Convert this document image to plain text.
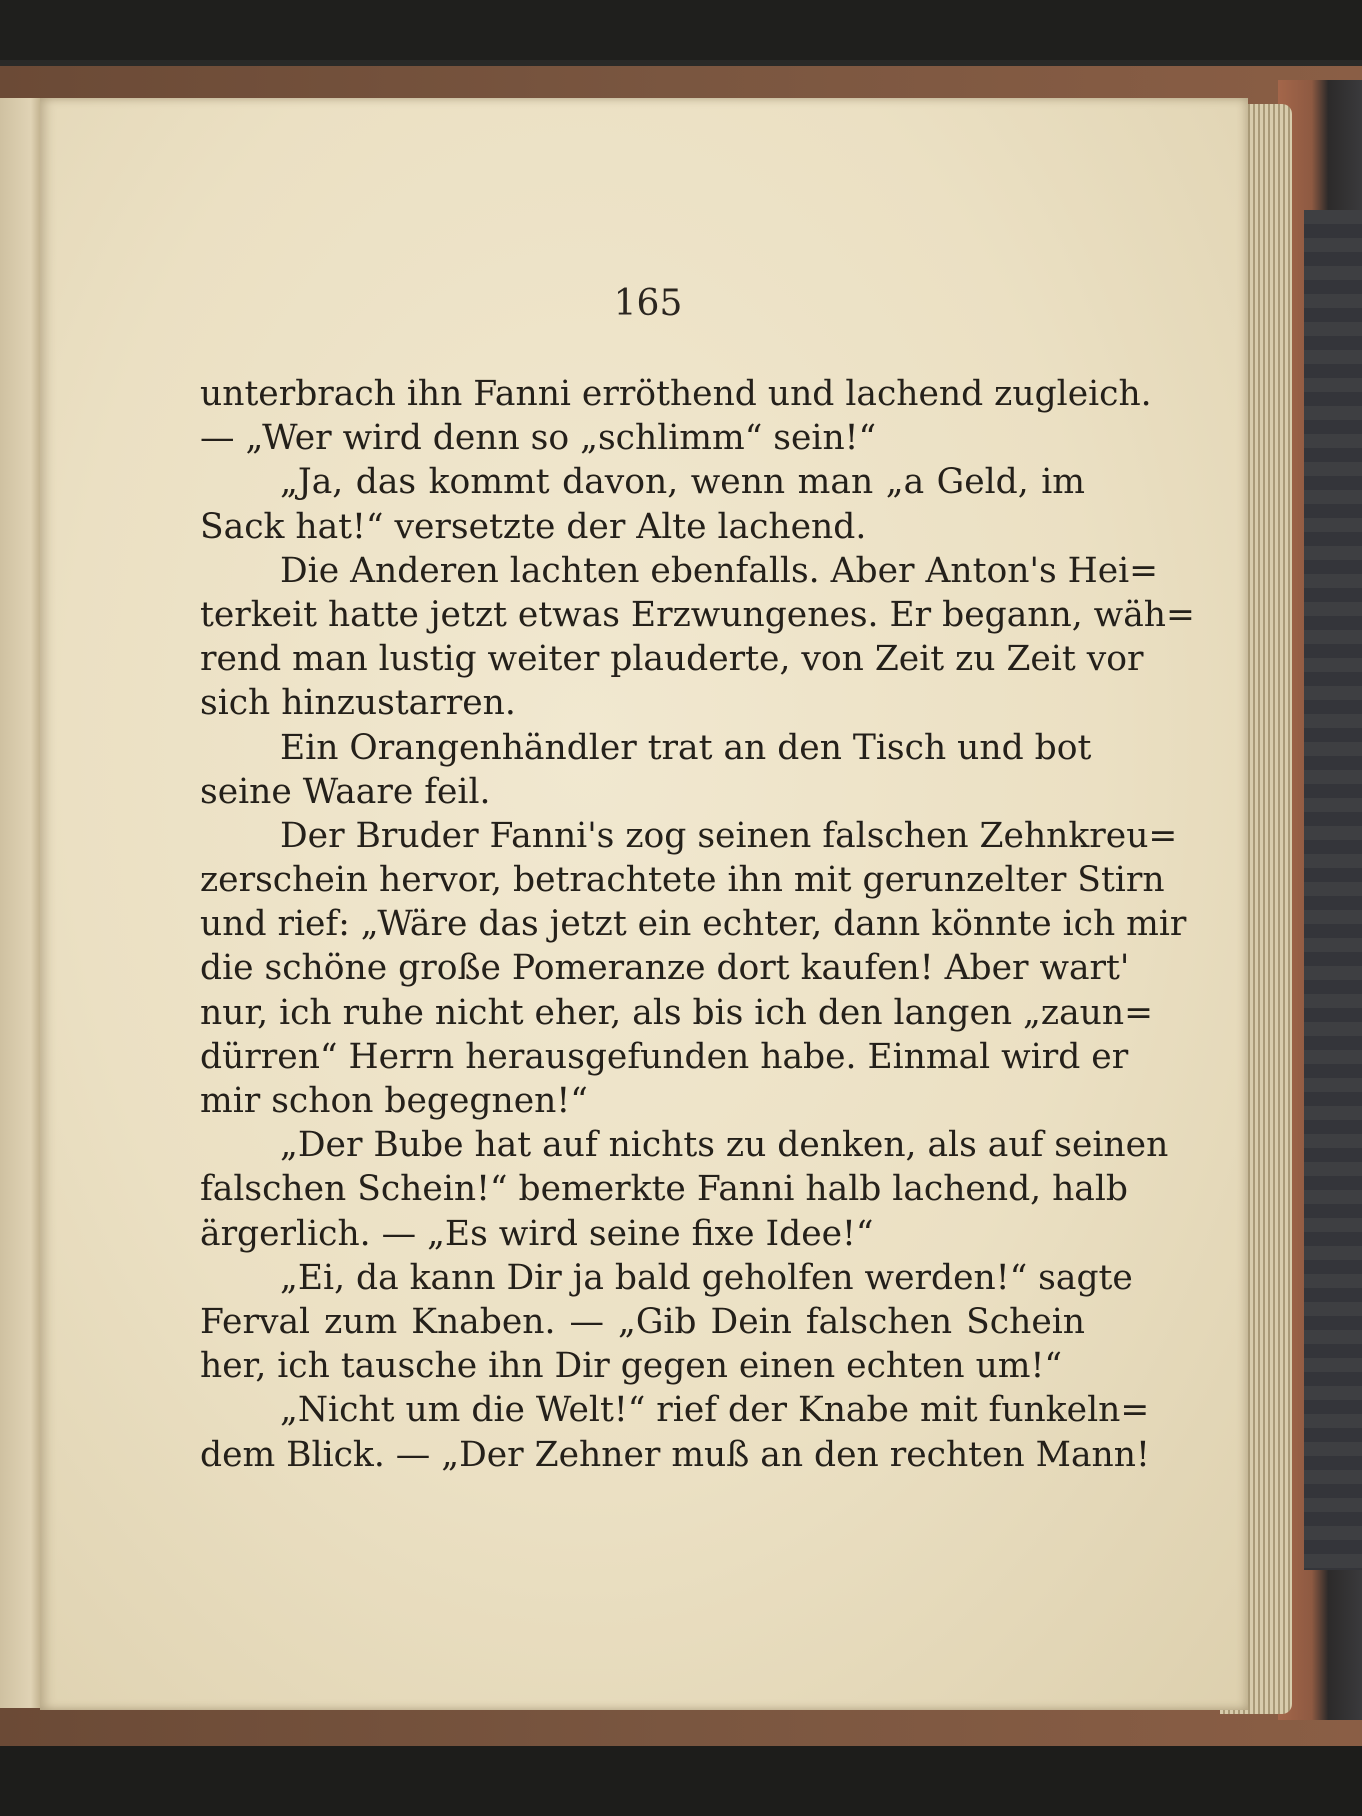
165
unterbrach ihn Fanni erröthend und lachend zugleich.
— „Wer wird denn so „schlimm“ sein!“
„Ja, das kommt davon, wenn man „a Geld, im
Sack hat!“ versetzte der Alte lachend.
Die Anderen lachten ebenfalls. Aber Anton's Hei=
terkeit hatte jetzt etwas Erzwungenes. Er begann, wäh=
rend man lustig weiter plauderte, von Zeit zu Zeit vor
sich hinzustarren.
Ein Orangenhändler trat an den Tisch und bot
seine Waare feil.
Der Bruder Fanni's zog seinen falschen Zehnkreu=
zerschein hervor, betrachtete ihn mit gerunzelter Stirn
und rief: „Wäre das jetzt ein echter, dann könnte ich mir
die schöne große Pomeranze dort kaufen! Aber wart'
nur, ich ruhe nicht eher, als bis ich den langen „zaun=
dürren“ Herrn herausgefunden habe. Einmal wird er
mir schon begegnen!“
„Der Bube hat auf nichts zu denken, als auf seinen
falschen Schein!“ bemerkte Fanni halb lachend, halb
ärgerlich. — „Es wird seine fixe Idee!“
„Ei, da kann Dir ja bald geholfen werden!“ sagte
Ferval zum Knaben. — „Gib Dein falschen Schein
her, ich tausche ihn Dir gegen einen echten um!“
„Nicht um die Welt!“ rief der Knabe mit funkeln=
dem Blick. — „Der Zehner muß an den rechten Mann!
